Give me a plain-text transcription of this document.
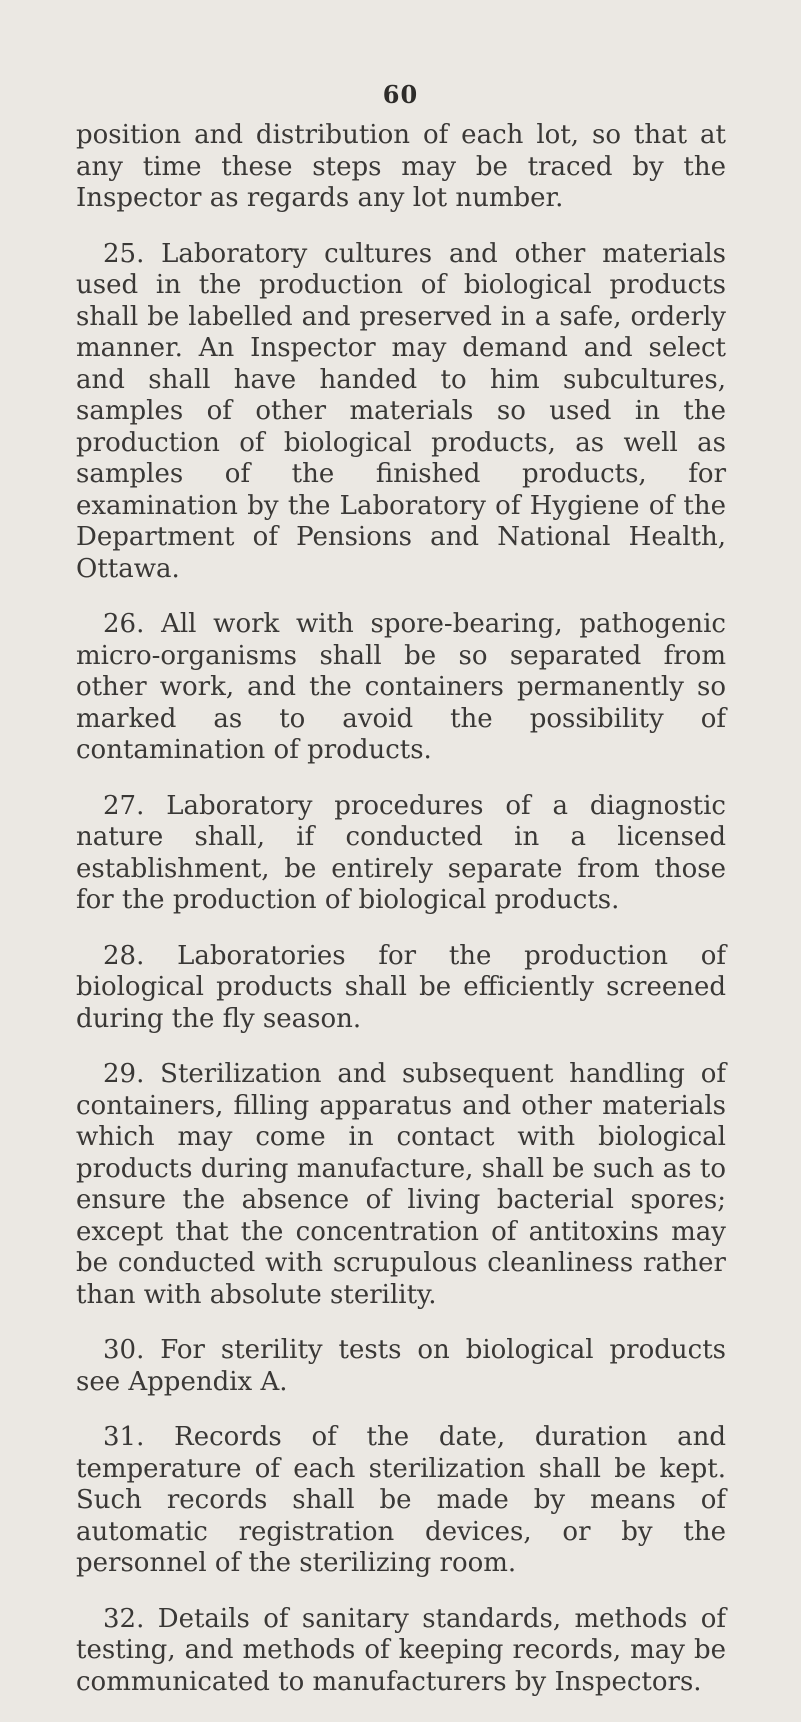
60

position and distribution of each lot, so that at any time these steps may be traced by the Inspector as regards any lot number.

25. Laboratory cultures and other materials used in the production of biological products shall be labelled and preserved in a safe, orderly manner. An Inspector may demand and select and shall have handed to him subcultures, samples of other materials so used in the production of biological products, as well as samples of the finished products, for examination by the Laboratory of Hygiene of the Department of Pensions and National Health, Ottawa.

26. All work with spore-bearing, pathogenic micro-organisms shall be so separated from other work, and the containers permanently so marked as to avoid the possibility of contamination of products.

27. Laboratory procedures of a diagnostic nature shall, if conducted in a licensed establishment, be entirely separate from those for the production of biological products.

28. Laboratories for the production of biological products shall be efficiently screened during the fly season.

29. Sterilization and subsequent handling of containers, filling apparatus and other materials which may come in contact with biological products during manufacture, shall be such as to ensure the absence of living bacterial spores; except that the concentration of antitoxins may be conducted with scrupulous cleanliness rather than with absolute sterility.

30. For sterility tests on biological products see Appendix A.

31. Records of the date, duration and temperature of each sterilization shall be kept. Such records shall be made by means of automatic registration devices, or by the personnel of the sterilizing room.

32. Details of sanitary standards, methods of testing, and methods of keeping records, may be communicated to manufacturers by Inspectors.
